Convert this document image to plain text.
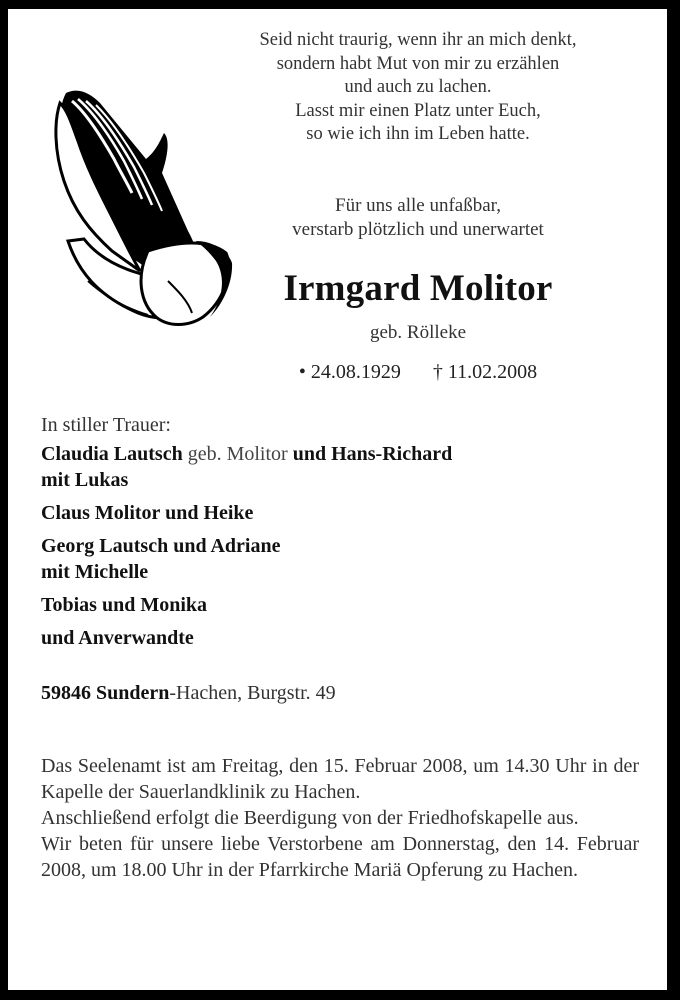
Seid nicht traurig, wenn ihr an mich denkt,
sondern habt Mut von mir zu erzählen
und auch zu lachen.
Lasst mir einen Platz unter Euch,
so wie ich ihn im Leben hatte.
Für uns alle unfaßbar,
verstarb plötzlich und unerwartet
Irmgard Molitor
geb. Rölleke
• 24.08.1929 † 11.02.2008
In stiller Trauer:
Claudia Lautsch geb. Molitor und Hans-Richard
mit Lukas
Claus Molitor und Heike
Georg Lautsch und Adriane
mit Michelle
Tobias und Monika
und Anverwandte
59846 Sundern-Hachen, Burgstr. 49

Das Seelenamt ist am Freitag, den 15. Februar 2008, um 14.30 Uhr in der Kapelle der Sauerlandklinik zu Hachen.

Anschließend erfolgt die Beerdigung von der Friedhofskapelle aus.

Wir beten für unsere liebe Verstorbene am Donnerstag, den 14. Februar 2008, um 18.00 Uhr in der Pfarrkirche Mariä Opferung zu Hachen.
